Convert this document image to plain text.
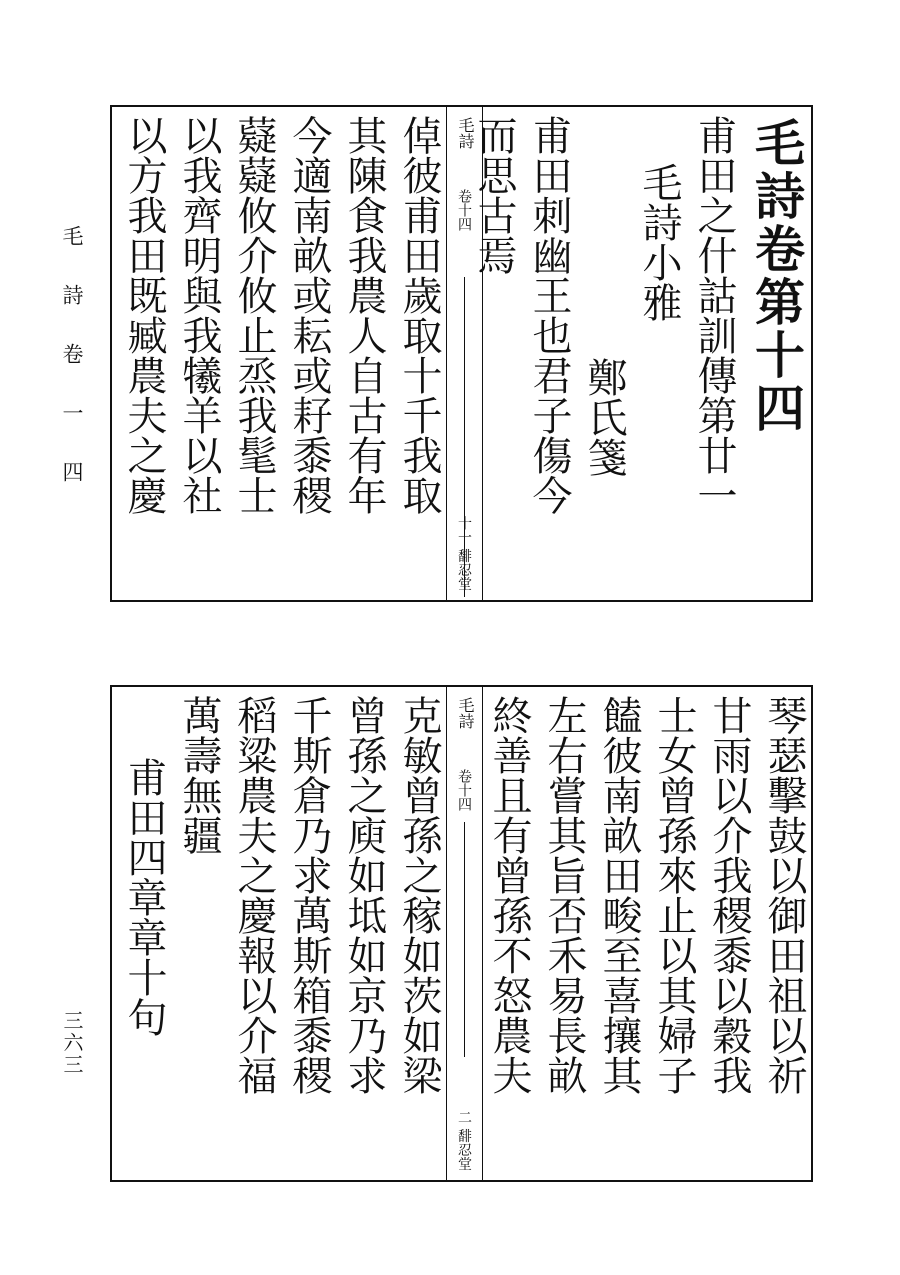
毛詩卷一四
三六三
毛詩卷第十四
甫田之什詁訓傳第廿一
毛詩小雅
鄭氏箋
甫田刺幽王也君子傷今
而思古焉
毛詩
卷十四
十一 馡忍堂
倬彼甫田歲取十千我取
其陳食我農人自古有年
今適南畝或耘或耔黍稷
薿薿攸介攸止烝我髦士
以我齊明與我犧羊以社
以方我田既臧農夫之慶
琴瑟擊鼓以御田祖以祈
甘雨以介我稷黍以穀我
士女曾孫來止以其婦子
饁彼南畝田畯至喜攘其
左右嘗其旨否禾易長畝
終善且有曾孫不怒農夫
毛詩
卷十四
二 馡忍堂
克敏曾孫之稼如茨如梁
曾孫之庾如坻如京乃求
千斯倉乃求萬斯箱黍稷
稻粱農夫之慶報以介福
萬壽無疆
甫田四章章十句
